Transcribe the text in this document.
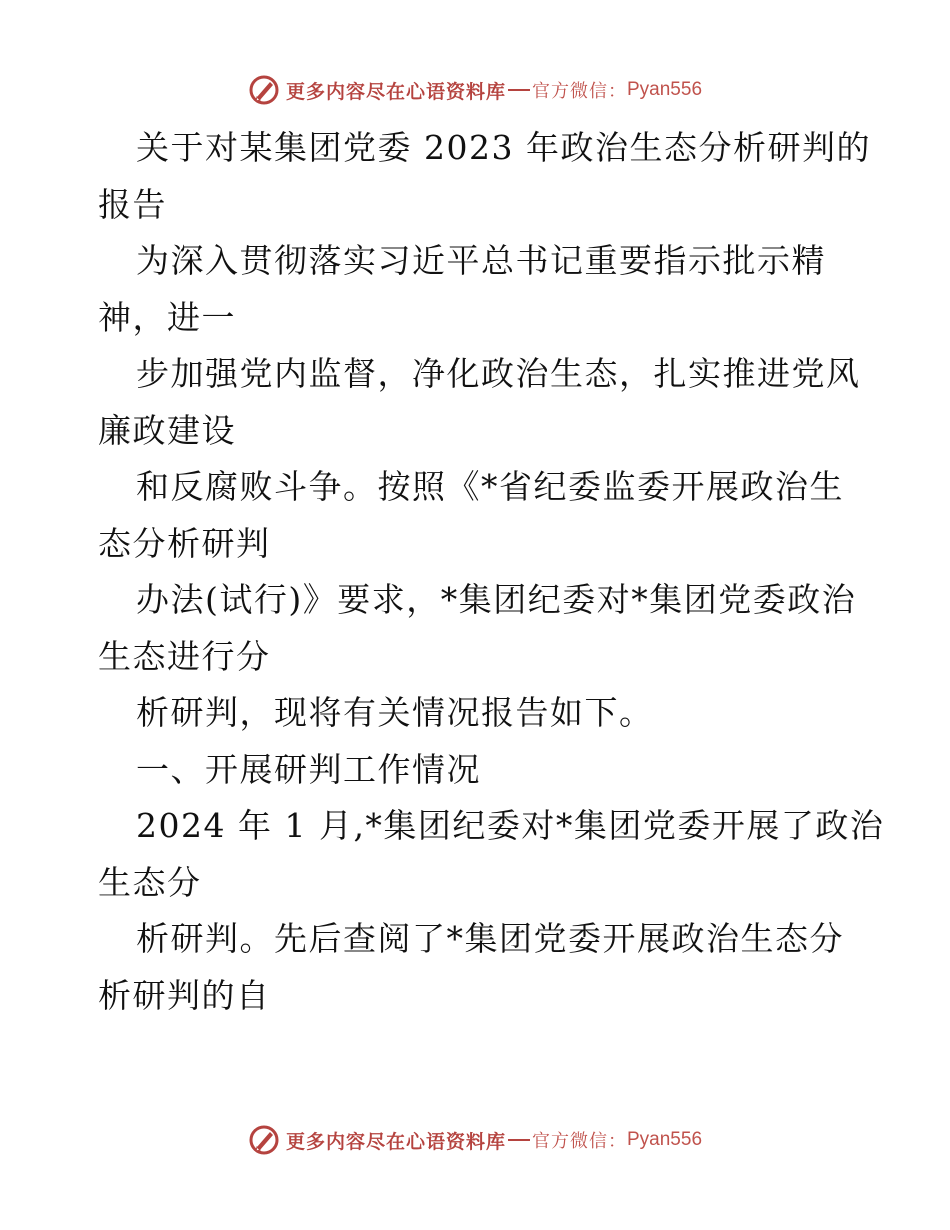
更多内容尽在心语资料库 官方微信： Pyan556
关于对某集团党委 2023 年政治生态分析研判的
报告
为深入贯彻落实习近平总书记重要指示批示精
神，进一
步加强党内监督，净化政治生态，扎实推进党风
廉政建设
和反腐败斗争。按照《*省纪委监委开展政治生
态分析研判
办法(试行)》要求，*集团纪委对*集团党委政治
生态进行分
析研判，现将有关情况报告如下。
一、开展研判工作情况
2024 年 1 月,*集团纪委对*集团党委开展了政治
生态分
析研判。先后查阅了*集团党委开展政治生态分
析研判的自
更多内容尽在心语资料库 官方微信： Pyan556
